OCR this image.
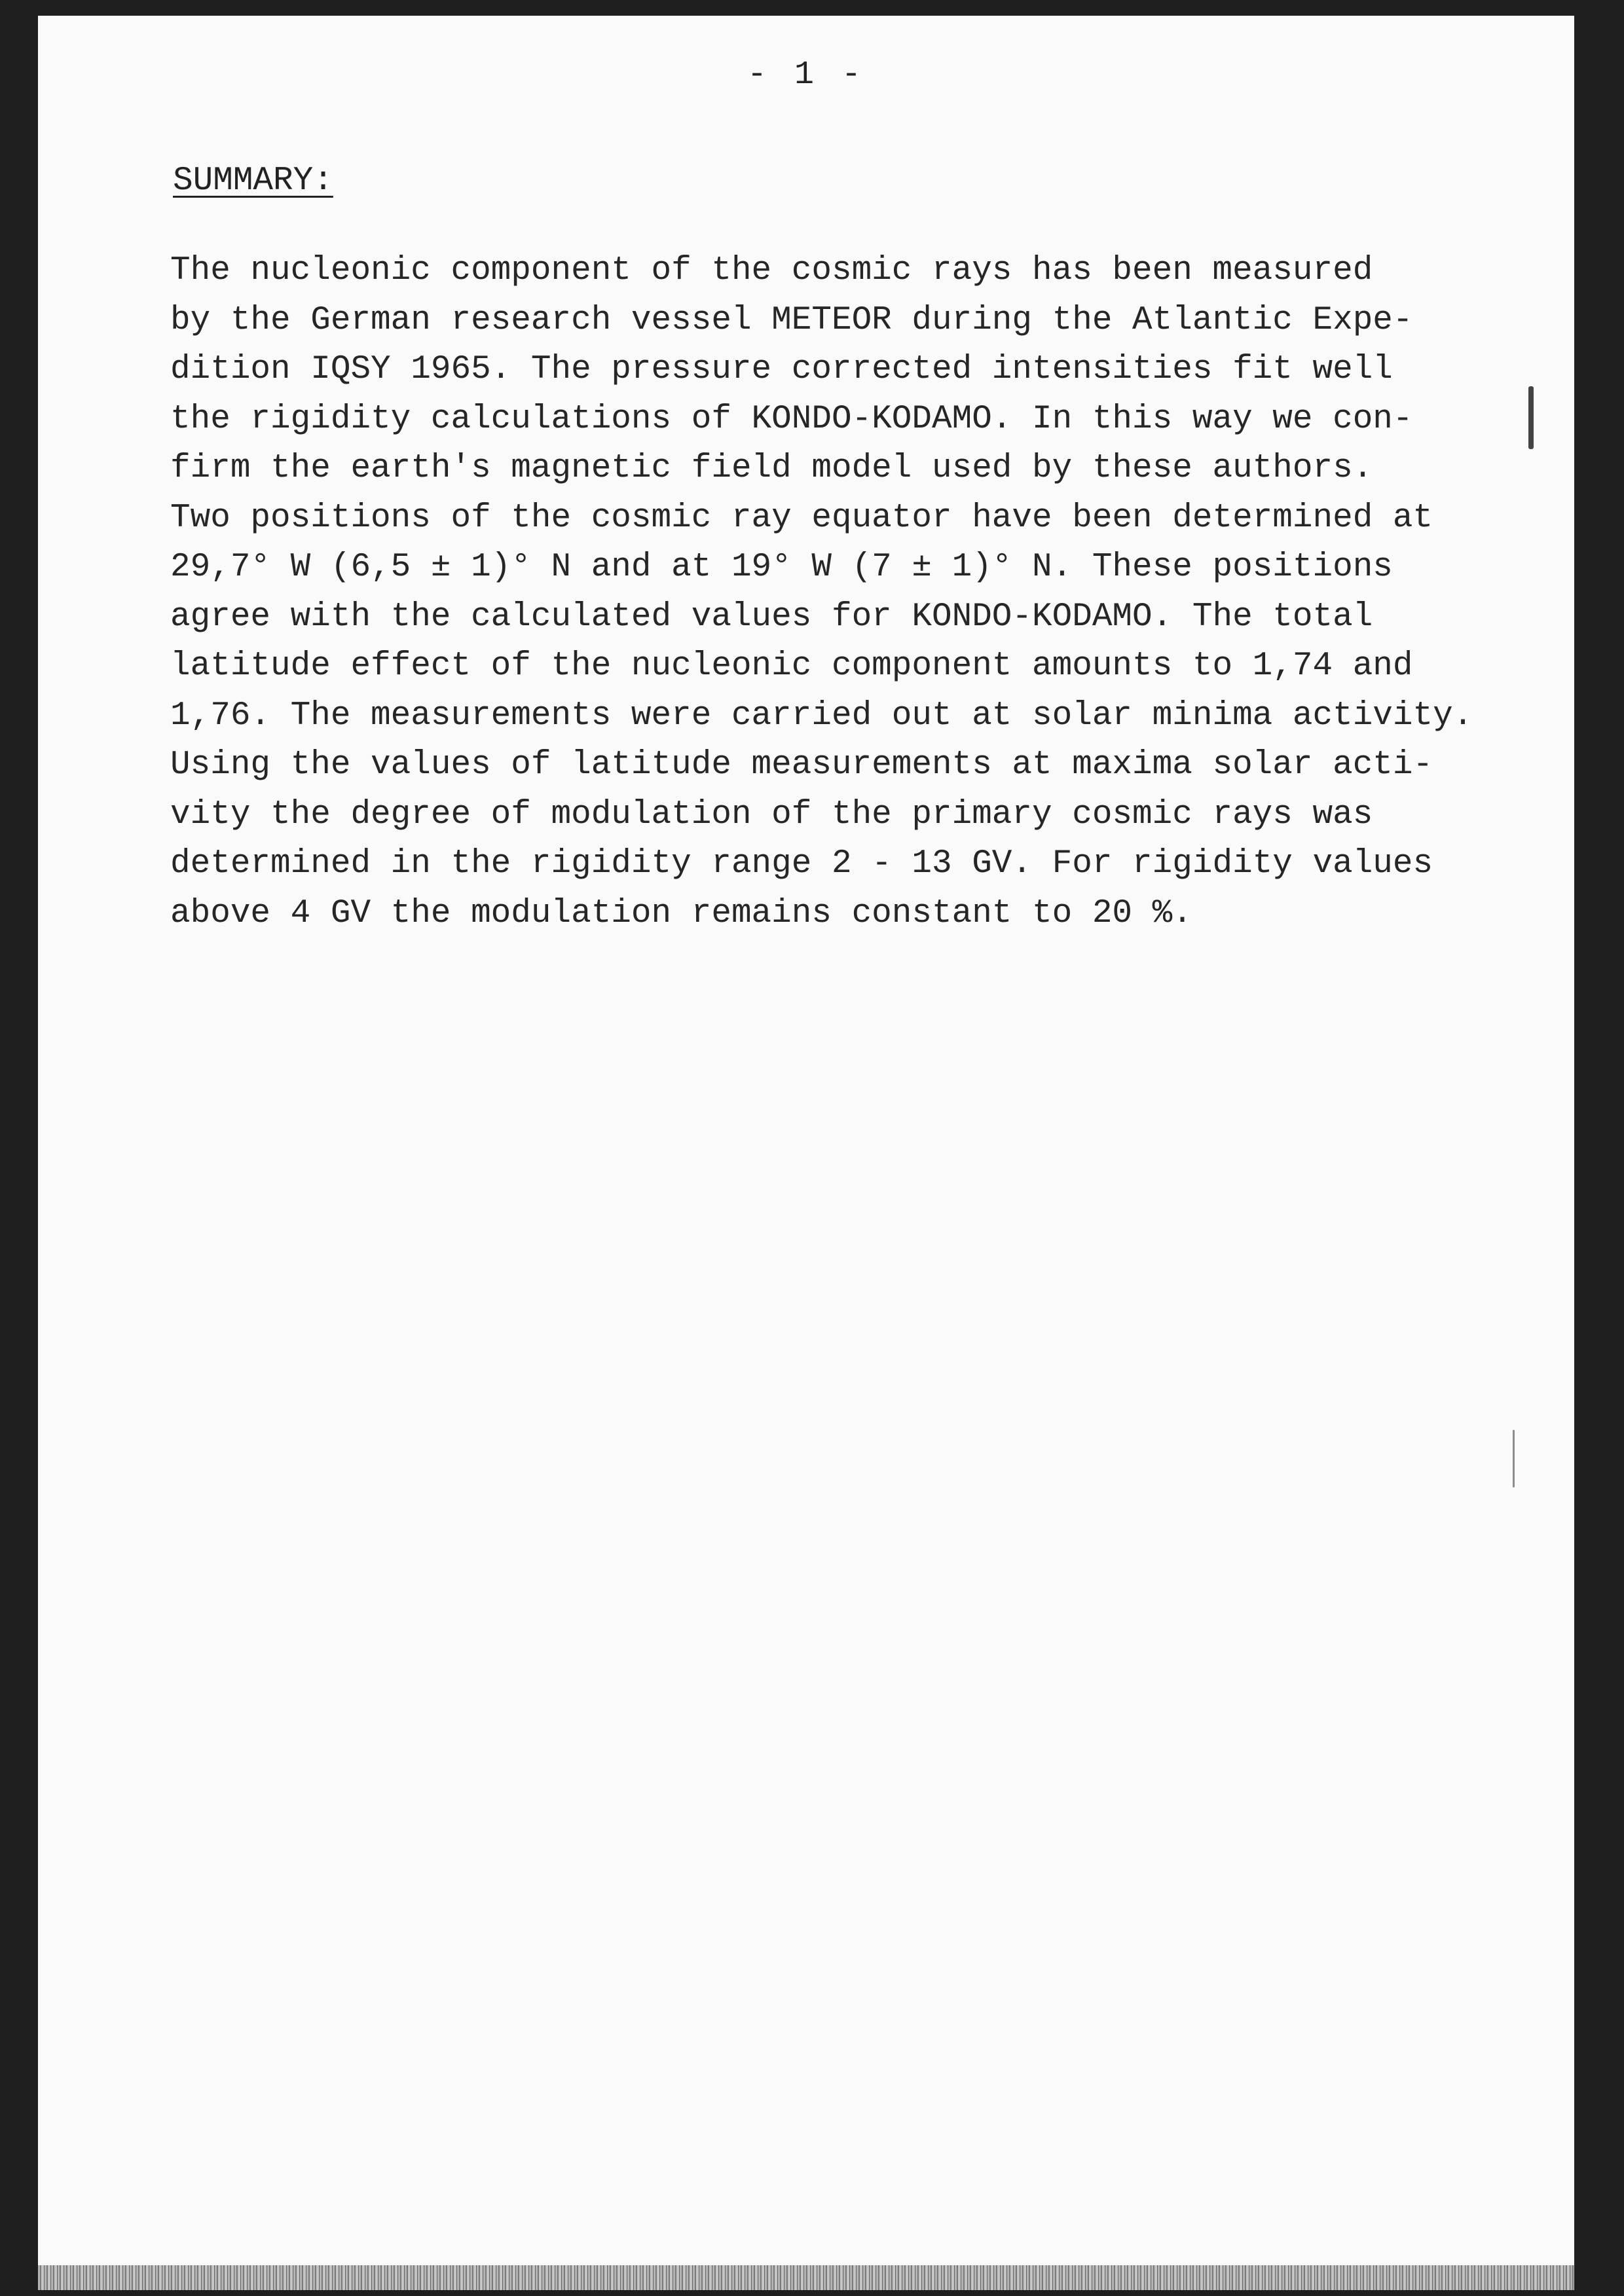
- 1 -
SUMMARY:
The nucleonic component of the cosmic rays has been measured
by the German research vessel METEOR during the Atlantic Expe-
dition IQSY 1965. The pressure corrected intensities fit well
the rigidity calculations of KONDO-KODAMO. In this way we con-
firm the earth's magnetic field model used by these authors.
Two positions of the cosmic ray equator have been determined at
29,7° W (6,5 ± 1)° N and at 19° W (7 ± 1)° N. These positions
agree with the calculated values for KONDO-KODAMO. The total
latitude effect of the nucleonic component amounts to 1,74 and
1,76. The measurements were carried out at solar minima activity.
Using the values of latitude measurements at maxima solar acti-
vity the degree of modulation of the primary cosmic rays was
determined in the rigidity range 2 - 13 GV. For rigidity values
above 4 GV the modulation remains constant to 20 %.
